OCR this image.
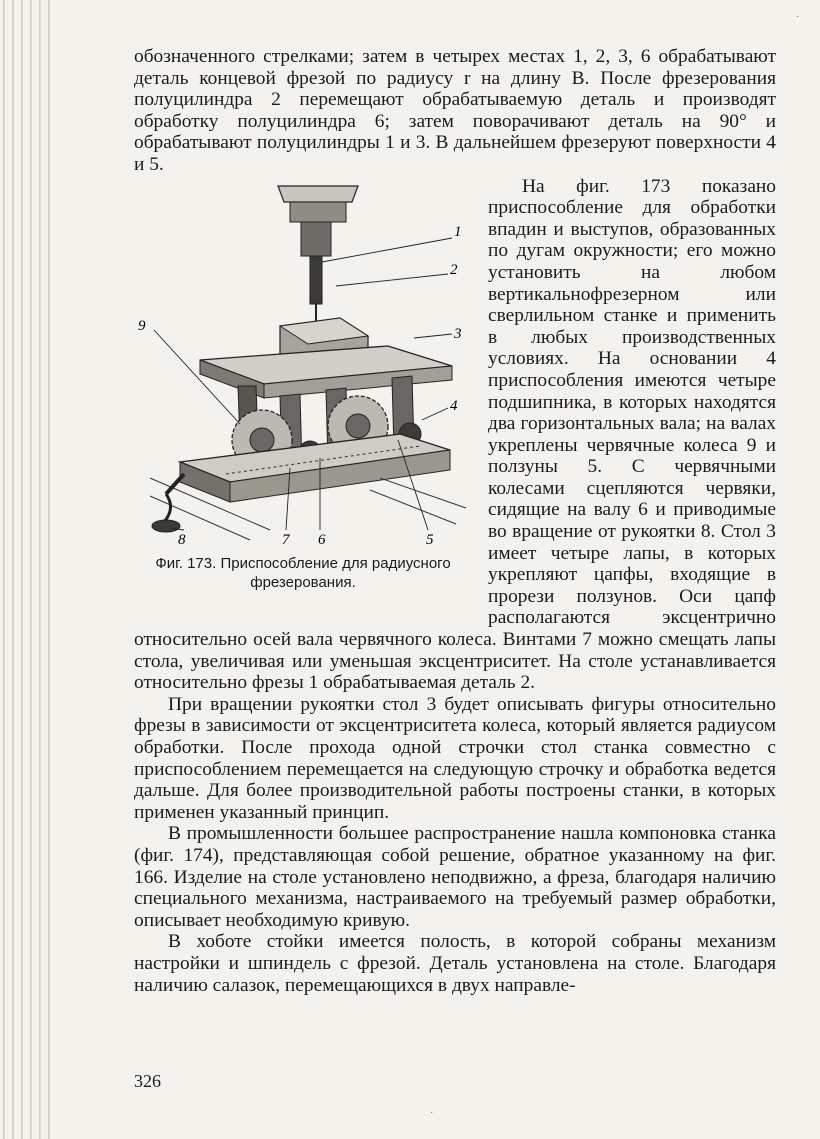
обозначенного стрелками; затем в четырех местах 1, 2, 3, 6 обрабатывают деталь концевой фрезой по радиусу r на длину B. После фрезерования полуцилиндра 2 перемещают обрабатываемую деталь и производят обработку полуцилиндра 6; затем поворачивают деталь на 90° и обрабатывают полуцилиндры 1 и 3. В дальнейшем фрезеруют поверхности 4 и 5.

1
2
3
4
5
6
7
8
9
Фиг. 173. Приспособление для радиусного фрезерования.

На фиг. 173 показано приспособление для обработки впадин и выступов, образованных по дугам окружности; его можно установить на любом вертикальнофрезерном или сверлильном станке и применить в любых производственных условиях. На основании 4 приспособления имеются четыре подшипника, в которых находятся два горизонтальных вала; на валах укреплены червячные колеса 9 и ползуны 5. С червячными колесами сцепляются червяки, сидящие на валу 6 и приводимые во вращение от рукоятки 8. Стол 3 имеет четыре лапы, в которых укрепляют цапфы, входящие в прорези ползунов. Оси цапф располагаются эксцентрично относительно осей вала червячного колеса. Винтами 7 можно смещать лапы стола, увеличивая или уменьшая эксцентриситет. На столе устанавливается относительно фрезы 1 обрабатываемая деталь 2.

При вращении рукоятки стол 3 будет описывать фигуры относительно фрезы в зависимости от эксцентриситета колеса, который является радиусом обработки. После прохода одной строчки стол станка совместно с приспособлением перемещается на следующую строчку и обработка ведется дальше. Для более производительной работы построены станки, в которых применен указанный принцип.

В промышленности большее распространение нашла компоновка станка (фиг. 174), представляющая собой решение, обратное указанному на фиг. 166. Изделие на столе установлено неподвижно, а фреза, благодаря наличию специального механизма, настраиваемого на требуемый размер обработки, описывает необходимую кривую.

В хоботе стойки имеется полость, в которой собраны механизм настройки и шпиндель с фрезой. Деталь установлена на столе. Благодаря наличию салазок, перемещающихся в двух направле-

326
·
·
